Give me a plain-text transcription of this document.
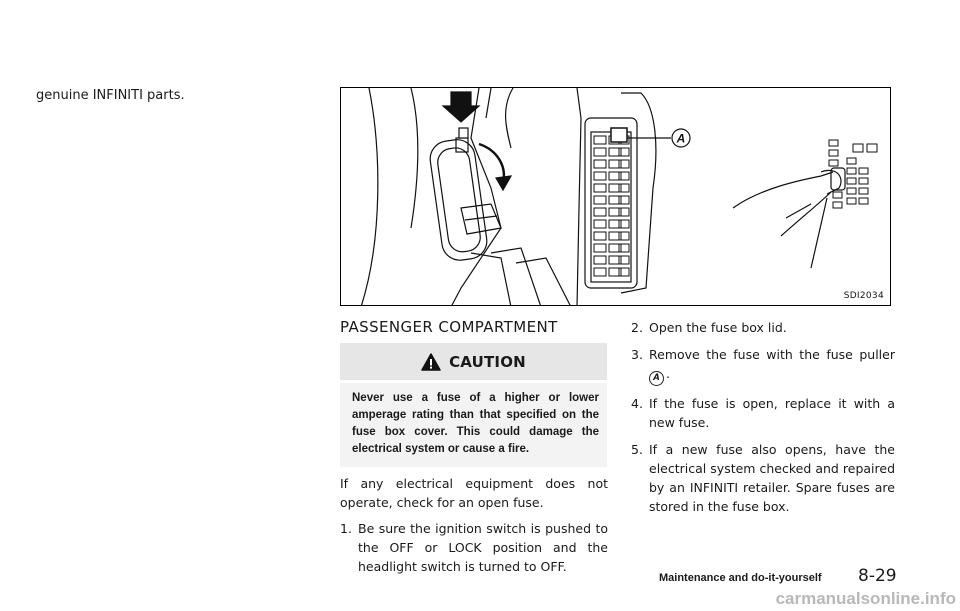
genuine INFINITI parts.
A
SDI2034
PASSENGER COMPARTMENT
CAUTION
Never use a fuse of a higher or lower amperage rating than that specified on the fuse box cover. This could damage the electrical system or cause a fire.
If any electrical equipment does not operate, check for an open fuse.
1. Be sure the ignition switch is pushed to the OFF or LOCK position and the headlight switch is turned to OFF.
2. Open the fuse box lid.
3. Remove the fuse with the fuse puller A .
4. If the fuse is open, replace it with a new fuse.
5. If a new fuse also opens, have the electrical system checked and repaired by an INFINITI retailer. Spare fuses are stored in the fuse box.
Maintenance and do-it-yourself 8-29
carmanualsonline.info
